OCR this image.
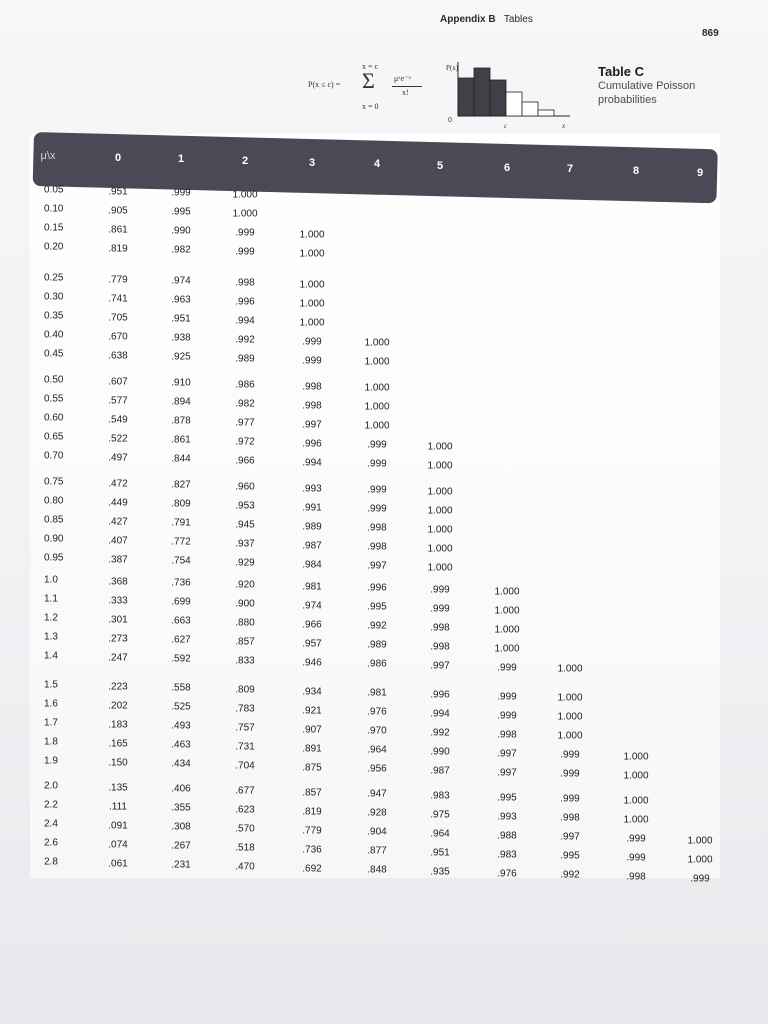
Appendix B Tables
869
P(x ≤ c) =
x = c
Σ
x = 0
μˣe⁻ᵘ
x!
P(x)
0
c	x
Table C
Cumulative Poisson
probabilities
μ\x	0	1	2	3	4	5	6	7	8	9
0.05	.951	.999	1.000
0.10	.905	.995	1.000
0.15	.861	.990	.999	1.000
0.20	.819	.982	.999	1.000
0.25	.779	.974	.998	1.000
0.30	.741	.963	.996	1.000
0.35	.705	.951	.994	1.000
0.40	.670	.938	.992	.999	1.000
0.45	.638	.925	.989	.999	1.000
0.50	.607	.910	.986	.998	1.000
0.55	.577	.894	.982	.998	1.000
0.60	.549	.878	.977	.997	1.000
0.65	.522	.861	.972	.996	.999	1.000
0.70	.497	.844	.966	.994	.999	1.000
0.75	.472	.827	.960	.993	.999	1.000
0.80	.449	.809	.953	.991	.999	1.000
0.85	.427	.791	.945	.989	.998	1.000
0.90	.407	.772	.937	.987	.998	1.000
0.95	.387	.754	.929	.984	.997	1.000
1.0	.368	.736	.920	.981	.996	.999	1.000
1.1	.333	.699	.900	.974	.995	.999	1.000
1.2	.301	.663	.880	.966	.992	.998	1.000
1.3	.273	.627	.857	.957	.989	.998	1.000
1.4	.247	.592	.833	.946	.986	.997	.999	1.000
1.5	.223	.558	.809	.934	.981	.996	.999	1.000
1.6	.202	.525	.783	.921	.976	.994	.999	1.000
1.7	.183	.493	.757	.907	.970	.992	.998	1.000
1.8	.165	.463	.731	.891	.964	.990	.997	.999	1.000
1.9	.150	.434	.704	.875	.956	.987	.997	.999	1.000
2.0	.135	.406	.677	.857	.947	.983	.995	.999	1.000
2.2	.111	.355	.623	.819	.928	.975	.993	.998	1.000
2.4	.091	.308	.570	.779	.904	.964	.988	.997	.999	1.000
2.6	.074	.267	.518	.736	.877	.951	.983	.995	.999	1.000
2.8	.061	.231	.470	.692	.848	.935	.976	.992	.998	.999
